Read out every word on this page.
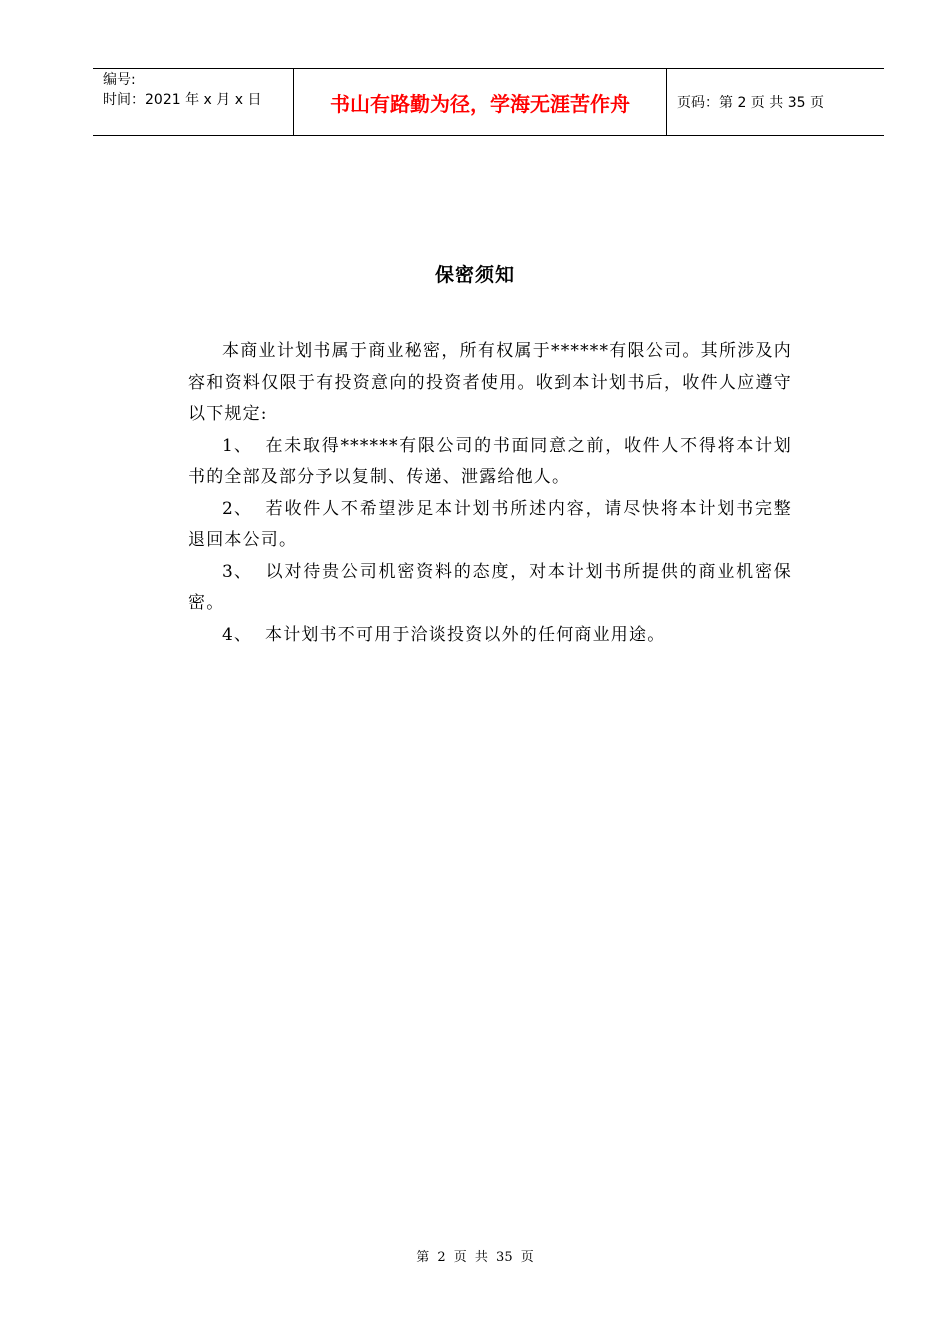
编号:
时间：2021 年 x 月 x 日	书山有路勤为径，学海无涯苦作舟	页码：第 2 页 共 35 页
保密须知

本商业计划书属于商业秘密，所有权属于******有限公司。其所涉及内容和资料仅限于有投资意向的投资者使用。收到本计划书后，收件人应遵守以下规定:

1、 在未取得******有限公司的书面同意之前，收件人不得将本计划书的全部及部分予以复制、传递、泄露给他人。

2、 若收件人不希望涉足本计划书所述内容，请尽快将本计划书完整退回本公司。

3、 以对待贵公司机密资料的态度，对本计划书所提供的商业机密保密。

4、 本计划书不可用于洽谈投资以外的任何商业用途。

第 2 页 共 35 页
